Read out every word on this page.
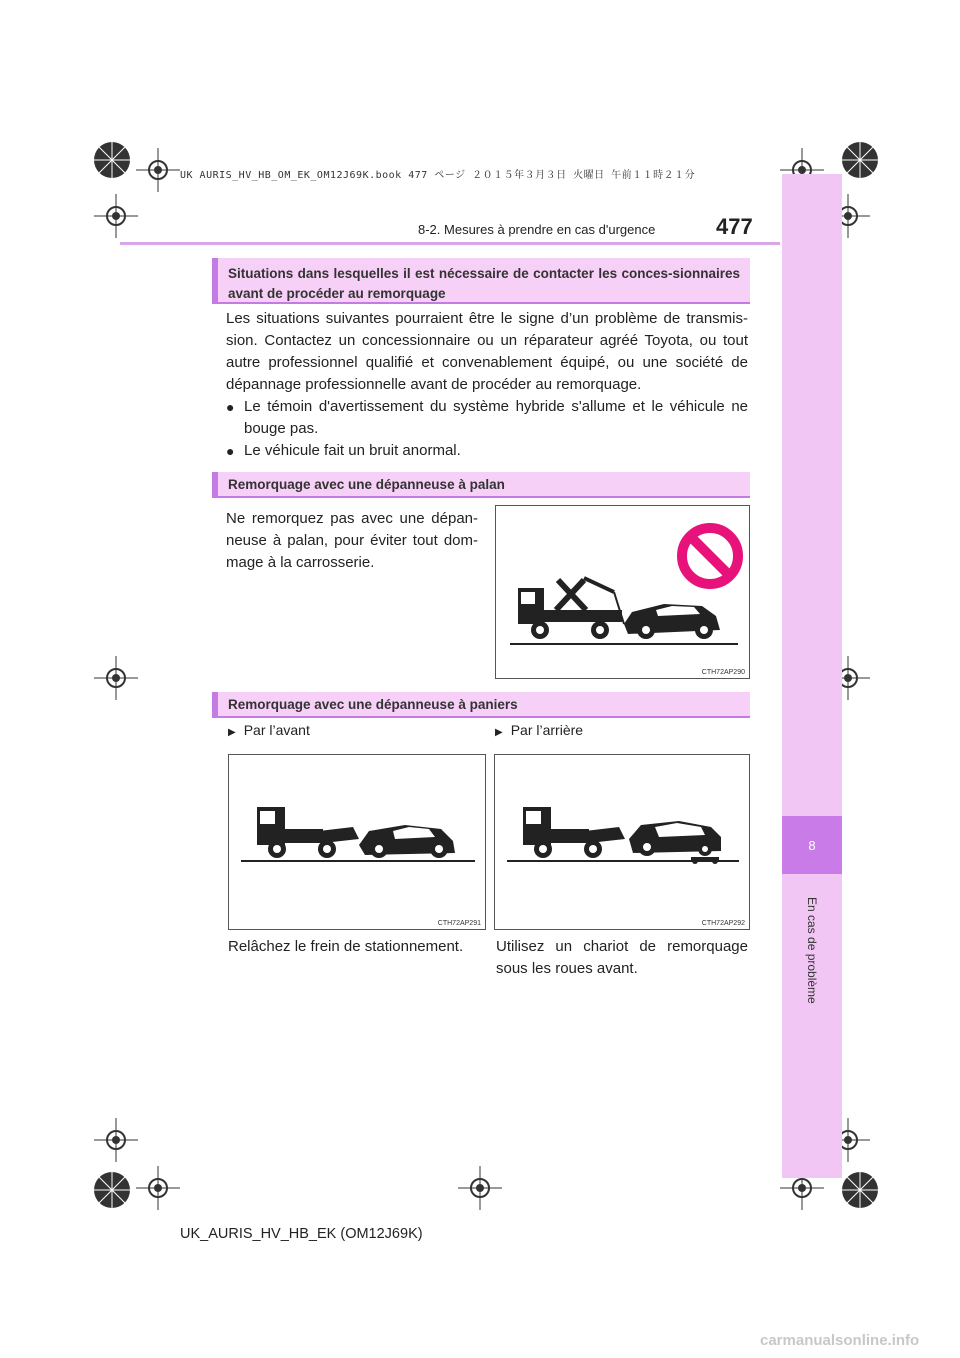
UK AURIS_HV_HB_OM_EK_OM12J69K.book 477 ページ ２０１５年３月３日 火曜日 午前１１時２１分
8-2. Mesures à prendre en cas d'urgence	477
8
En cas de problème
Situations dans lesquelles il est nécessaire de contacter les conces-sionnaires avant de procéder au remorquage
Les situations suivantes pourraient être le signe d’un problème de transmis-sion. Contactez un concessionnaire ou un réparateur agréé Toyota, ou tout autre professionnel qualifié et convenablement équipé, ou une société de dépannage professionnelle avant de procéder au remorquage.
● Le témoin d'avertissement du système hybride s'allume et le véhicule ne bouge pas.
● Le véhicule fait un bruit anormal.
Remorquage avec une dépanneuse à palan
Ne remorquez pas avec une dépan-neuse à palan, pour éviter tout dom-mage à la carrosserie.
CTH72AP290
Remorquage avec une dépanneuse à paniers
▶ Par l’avant	▶ Par l’arrière
CTH72AP291	CTH72AP292
Relâchez le frein de stationnement.	Utilisez un chariot de remorquage sous les roues avant.
UK_AURIS_HV_HB_EK (OM12J69K)
carmanualsonline.info
